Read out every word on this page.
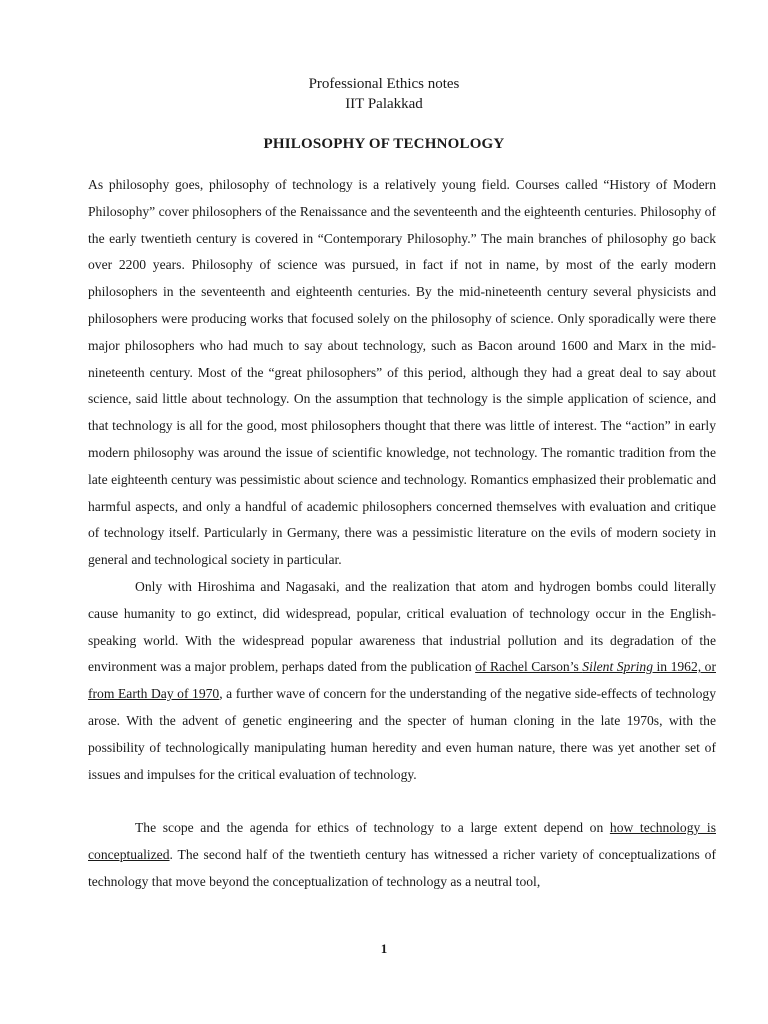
Professional Ethics notes
IIT Palakkad
PHILOSOPHY OF TECHNOLOGY

As philosophy goes, philosophy of technology is a relatively young field. Courses called “History of Modern Philosophy” cover philosophers of the Renaissance and the seventeenth and the eighteenth centuries. Philosophy of the early twentieth century is covered in “Contemporary Philosophy.” The main branches of philosophy go back over 2200 years. Philosophy of science was pursued, in fact if not in name, by most of the early modern philosophers in the seventeenth and eighteenth centuries. By the mid-nineteenth century several physicists and philosophers were producing works that focused solely on the philosophy of science. Only sporadically were there major philosophers who had much to say about technology, such as Bacon around 1600 and Marx in the mid-nineteenth century. Most of the “great philosophers” of this period, although they had a great deal to say about science, said little about technology. On the assumption that technology is the simple application of science, and that technology is all for the good, most philosophers thought that there was little of interest. The “action” in early modern philosophy was around the issue of scientific knowledge, not technology. The romantic tradition from the late eighteenth century was pessimistic about science and technology. Romantics emphasized their problematic and harmful aspects, and only a handful of academic philosophers concerned themselves with evaluation and critique of technology itself. Particularly in Germany, there was a pessimistic literature on the evils of modern society in general and technological society in particular.

Only with Hiroshima and Nagasaki, and the realization that atom and hydrogen bombs could literally cause humanity to go extinct, did widespread, popular, critical evaluation of technology occur in the English-speaking world. With the widespread popular awareness that industrial pollution and its degradation of the environment was a major problem, perhaps dated from the publication of Rachel Carson’s Silent Spring in 1962, or from Earth Day of 1970, a further wave of concern for the understanding of the negative side-effects of technology arose. With the advent of genetic engineering and the specter of human cloning in the late 1970s, with the possibility of technologically manipulating human heredity and even human nature, there was yet another set of issues and impulses for the critical evaluation of technology.

The scope and the agenda for ethics of technology to a large extent depend on how technology is conceptualized. The second half of the twentieth century has witnessed a richer variety of conceptualizations of technology that move beyond the conceptualization of technology as a neutral tool,

1
